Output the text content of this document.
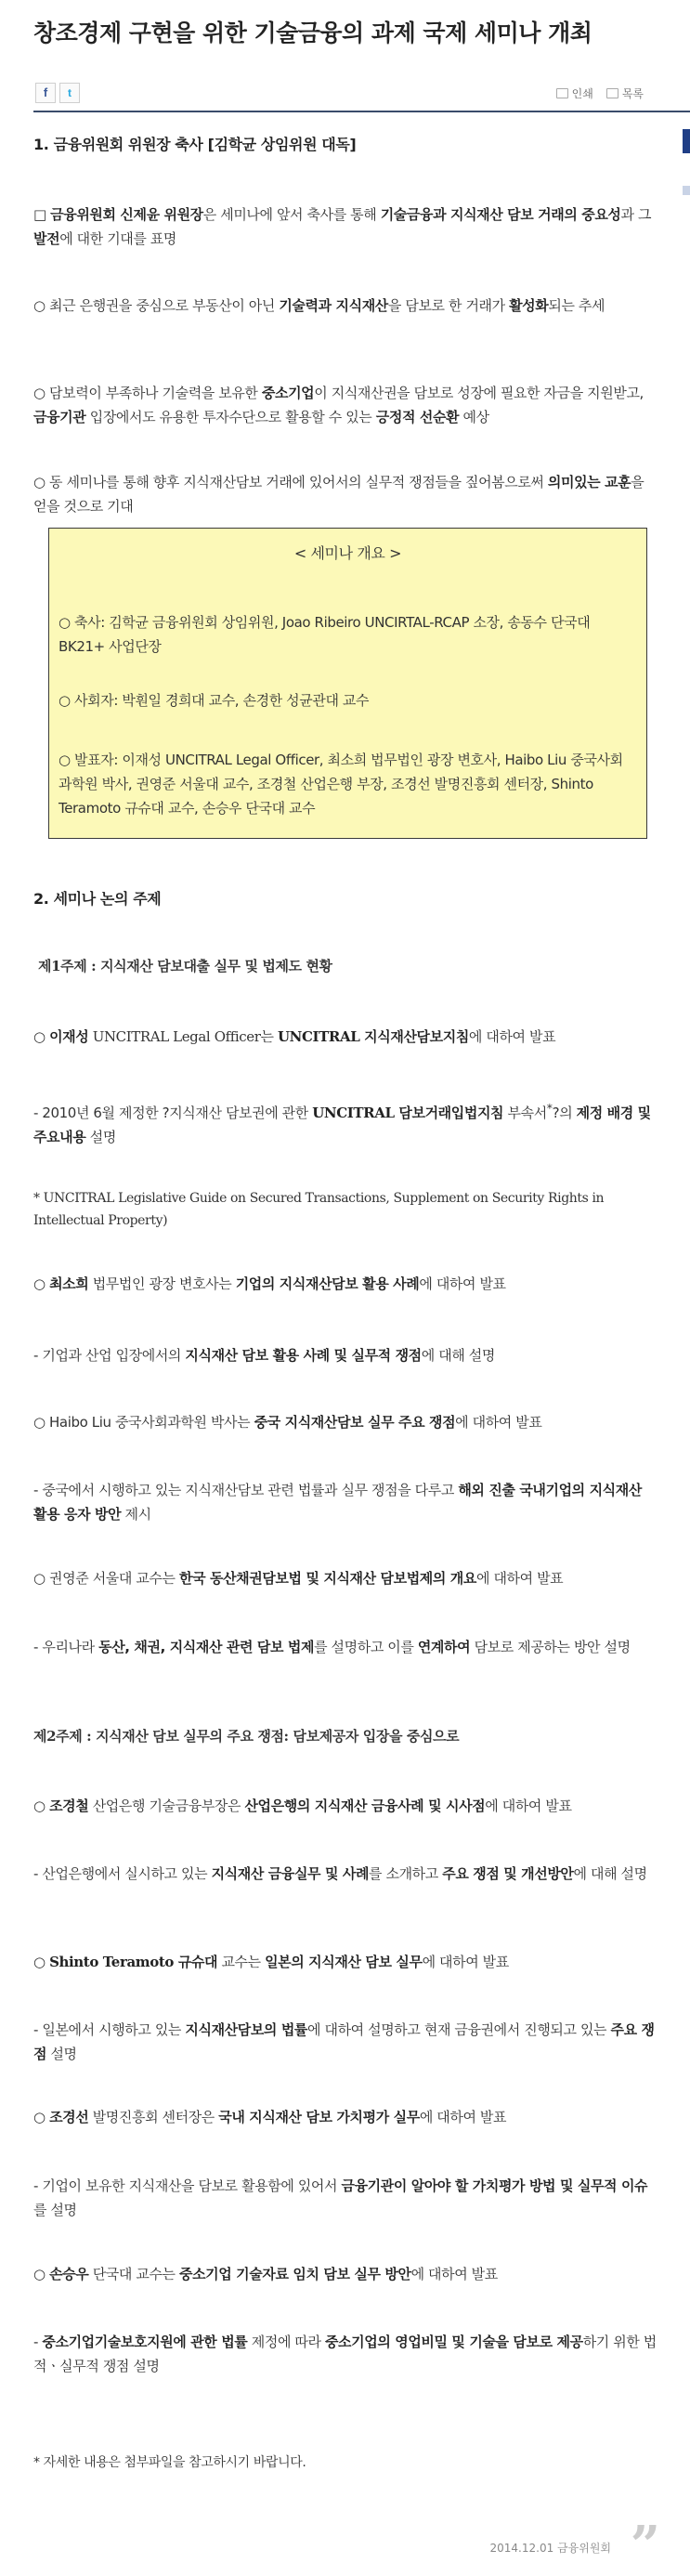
창조경제 구현을 위한 기술금융의 과제 국제 세미나 개최
f	t	인쇄	목록
1. 금융위원회 위원장 축사 [김학균 상임위원 대독]
□ 금융위원회 신제윤 위원장은 세미나에 앞서 축사를 통해 기술금융과 지식재산 담보 거래의 중요성과 그 발전에 대한 기대를 표명
○ 최근 은행권을 중심으로 부동산이 아닌 기술력과 지식재산을 담보로 한 거래가 활성화되는 추세
○ 담보력이 부족하나 기술력을 보유한 중소기업이 지식재산권을 담보로 성장에 필요한 자금을 지원받고, 금융기관 입장에서도 유용한 투자수단으로 활용할 수 있는 긍정적 선순환 예상
○ 동 세미나를 통해 향후 지식재산담보 거래에 있어서의 실무적 쟁점들을 짚어봄으로써 의미있는 교훈을 얻을 것으로 기대
< 세미나 개요 >
○ 축사: 김학균 금융위원회 상임위원, Joao Ribeiro UNCIRTAL-RCAP 소장, 송동수 단국대 BK21+ 사업단장
○ 사회자: 박훤일 경희대 교수, 손경한 성균관대 교수
○ 발표자: 이재성 UNCITRAL Legal Officer, 최소희 법무법인 광장 변호사, Haibo Liu 중국사회과학원 박사, 권영준 서울대 교수, 조경철 산업은행 부장, 조경선 발명진흥회 센터장, Shinto Teramoto 규슈대 교수, 손승우 단국대 교수
2. 세미나 논의 주제
제1주제 : 지식재산 담보대출 실무 및 법제도 현황
○ 이재성 UNCITRAL Legal Officer는 UNCITRAL 지식재산담보지침에 대하여 발표
- 2010년 6월 제정한 ?지식재산 담보권에 관한 UNCITRAL 담보거래입법지침 부속서*?의 제정 배경 및 주요내용 설명
* UNCITRAL Legislative Guide on Secured Transactions, Supplement on Security Rights in Intellectual Property)
○ 최소희 법무법인 광장 변호사는 기업의 지식재산담보 활용 사례에 대하여 발표
- 기업과 산업 입장에서의 지식재산 담보 활용 사례 및 실무적 쟁점에 대해 설명
○ Haibo Liu 중국사회과학원 박사는 중국 지식재산담보 실무 주요 쟁점에 대하여 발표
- 중국에서 시행하고 있는 지식재산담보 관련 법률과 실무 쟁점을 다루고 해외 진출 국내기업의 지식재산 활용 응자 방안 제시
○ 권영준 서울대 교수는 한국 동산채권담보법 및 지식재산 담보법제의 개요에 대하여 발표
- 우리나라 동산, 채권, 지식재산 관련 담보 법제를 설명하고 이를 연계하여 담보로 제공하는 방안 설명
제2주제 : 지식재산 담보 실무의 주요 쟁점: 담보제공자 입장을 중심으로
○ 조경철 산업은행 기술금융부장은 산업은행의 지식재산 금융사례 및 시사점에 대하여 발표
- 산업은행에서 실시하고 있는 지식재산 금융실무 및 사례를 소개하고 주요 쟁점 및 개선방안에 대해 설명
○ Shinto Teramoto 규슈대 교수는 일본의 지식재산 담보 실무에 대하여 발표
- 일본에서 시행하고 있는 지식재산담보의 법률에 대하여 설명하고 현재 금융권에서 진행되고 있는 주요 쟁점 설명
○ 조경선 발명진흥회 센터장은 국내 지식재산 담보 가치평가 실무에 대하여 발표
- 기업이 보유한 지식재산을 담보로 활용함에 있어서 금융기관이 알아야 할 가치평가 방법 및 실무적 이슈를 설명
○ 손승우 단국대 교수는 중소기업 기술자료 임치 담보 실무 방안에 대하여 발표
- 중소기업기술보호지원에 관한 법률 제정에 따라 중소기업의 영업비밀 및 기술을 담보로 제공하기 위한 법적ㆍ실무적 쟁점 설명
* 자세한 내용은 첨부파일을 참고하시기 바랍니다.
2014.12.01 금융위원회 ”
